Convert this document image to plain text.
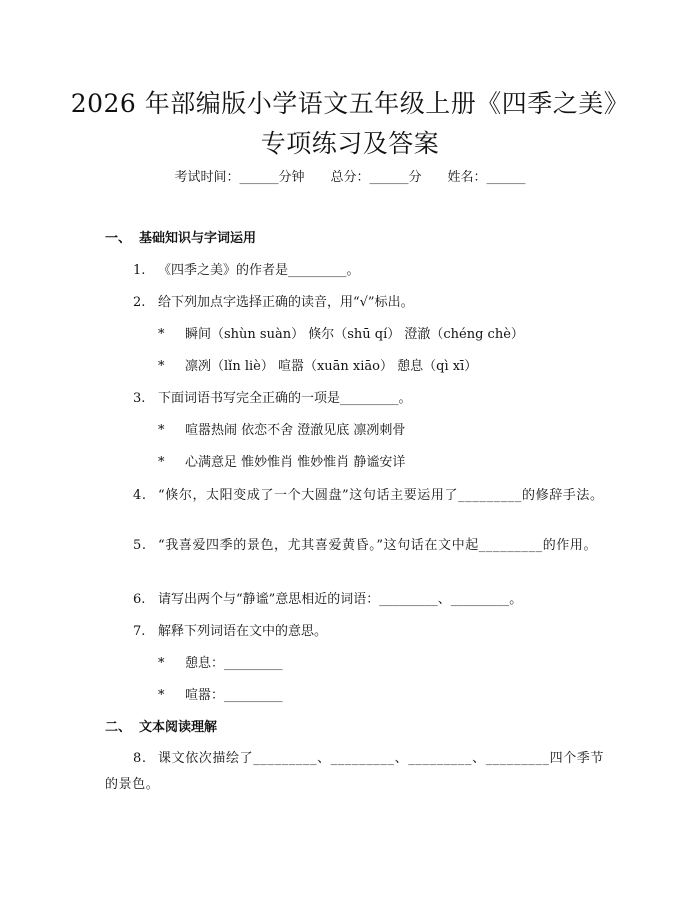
2026 年部编版小学语文五年级上册《四季之美》专项练习及答案
考试时间：______分钟 总分：______分 姓名：______
一、 基础知识与字词运用
1. 《四季之美》的作者是_________。
2. 给下列加点字选择正确的读音，用“√”标出。
* 瞬间（shùn suàn） 倏尔（shū qí） 澄澈（chéng chè）
* 凛冽（lǐn liè） 喧嚣（xuān xiāo） 憩息（qì xī）
3. 下面词语书写完全正确的一项是_________。
* 喧嚣热闹 依恋不舍 澄澈见底 凛冽刺骨
* 心满意足 惟妙惟肖 惟妙惟肖 静谧安详
4. “倏尔，太阳变成了一个大圆盘”这句话主要运用了_________的修辞手法。
5. “我喜爱四季的景色，尤其喜爱黄昏。”这句话在文中起_________的作用。
6. 请写出两个与“静谧”意思相近的词语：_________、_________。
7. 解释下列词语在文中的意思。
* 憩息：_________
* 喧嚣：_________
二、 文本阅读理解
8. 课文依次描绘了_________、_________、_________、_________四个季节的景色。
